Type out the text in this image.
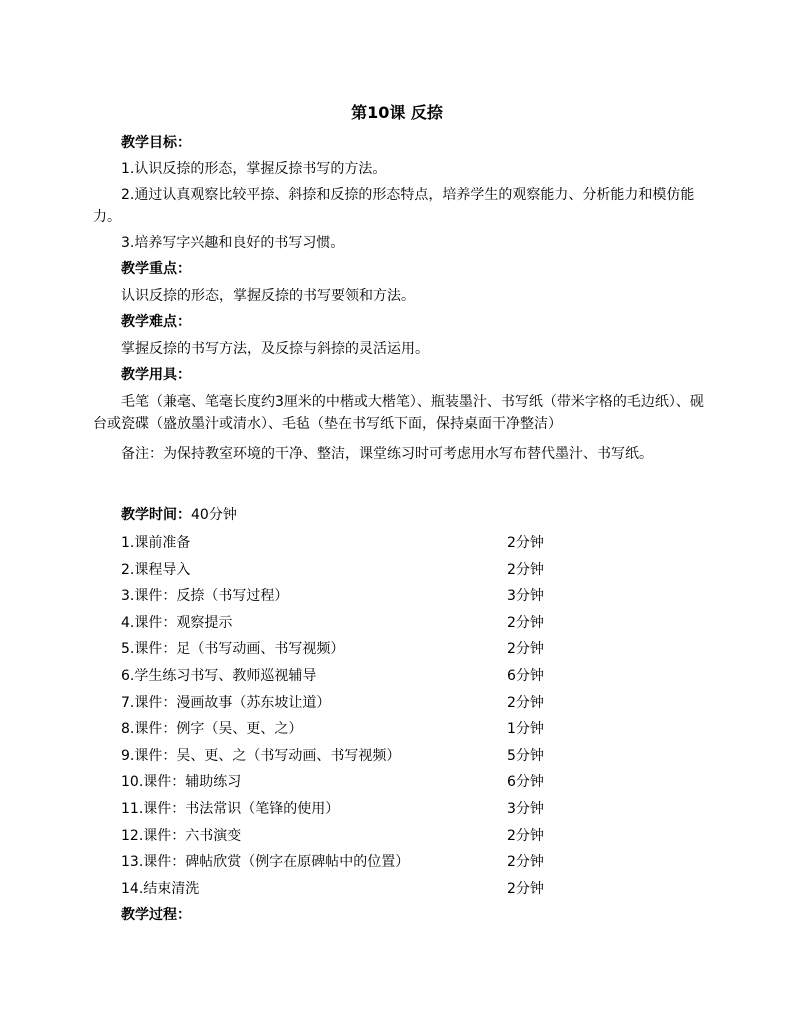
第10课 反捺
教学目标：
1.认识反捺的形态，掌握反捺书写的方法。
2.通过认真观察比较平捺、斜捺和反捺的形态特点，培养学生的观察能力、分析能力和模仿能力。
3.培养写字兴趣和良好的书写习惯。
教学重点：
认识反捺的形态，掌握反捺的书写要领和方法。
教学难点：
掌握反捺的书写方法，及反捺与斜捺的灵活运用。
教学用具：
毛笔（兼毫、笔毫长度约3厘米的中楷或大楷笔）、瓶装墨汁、书写纸（带米字格的毛边纸）、砚台或瓷碟（盛放墨汁或清水）、毛毡（垫在书写纸下面，保持桌面干净整洁）
备注：为保持教室环境的干净、整洁，课堂练习时可考虑用水写布替代墨汁、书写纸。
教学时间：40分钟
1.课前准备	2分钟
2.课程导入	2分钟
3.课件：反捺（书写过程）	3分钟
4.课件：观察提示	2分钟
5.课件：足（书写动画、书写视频）	2分钟
6.学生练习书写、教师巡视辅导	6分钟
7.课件：漫画故事（苏东坡让道）	2分钟
8.课件：例字（吴、更、之）	1分钟
9.课件：吴、更、之（书写动画、书写视频）	5分钟
10.课件：辅助练习	6分钟
11.课件：书法常识（笔锋的使用）	3分钟
12.课件：六书演变	2分钟
13.课件：碑帖欣赏（例字在原碑帖中的位置）	2分钟
14.结束清洗	2分钟
教学过程：
